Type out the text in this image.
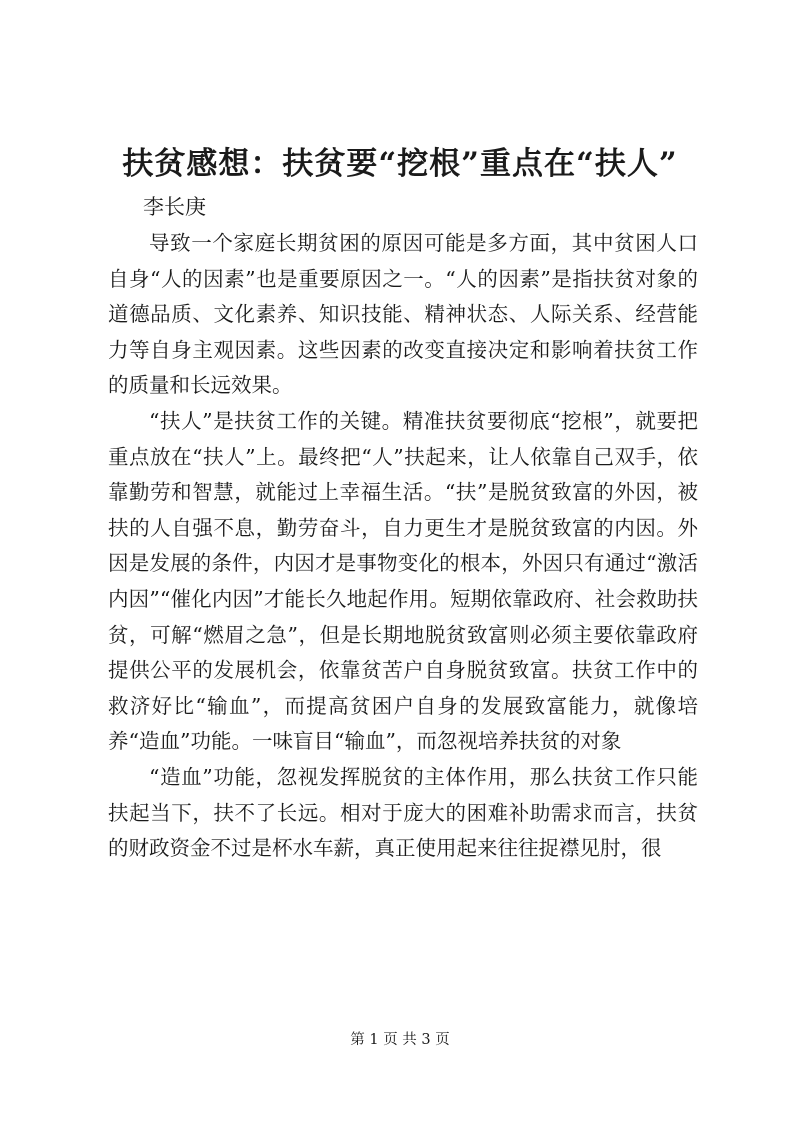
扶贫感想：扶贫要“挖根”重点在“扶人”

李长庚

导致一个家庭长期贫困的原因可能是多方面，其中贫困人口自身“人的因素”也是重要原因之一。“人的因素”是指扶贫对象的道德品质、文化素养、知识技能、精神状态、人际关系、经营能力等自身主观因素。这些因素的改变直接决定和影响着扶贫工作的质量和长远效果。

“扶人”是扶贫工作的关键。精准扶贫要彻底“挖根”，就要把重点放在“扶人”上。最终把“人”扶起来，让人依靠自己双手，依靠勤劳和智慧，就能过上幸福生活。“扶”是脱贫致富的外因，被扶的人自强不息，勤劳奋斗，自力更生才是脱贫致富的内因。外因是发展的条件，内因才是事物变化的根本，外因只有通过“激活内因”“催化内因”才能长久地起作用。短期依靠政府、社会救助扶贫，可解“燃眉之急”，但是长期地脱贫致富则必须主要依靠政府提供公平的发展机会，依靠贫苦户自身脱贫致富。扶贫工作中的救济好比“输血”，而提高贫困户自身的发展致富能力，就像培养“造血”功能。一味盲目“输血”，而忽视培养扶贫的对象

“造血”功能，忽视发挥脱贫的主体作用，那么扶贫工作只能扶起当下，扶不了长远。相对于庞大的困难补助需求而言，扶贫的财政资金不过是杯水车薪，真正使用起来往往捉襟见肘，很

第 1 页 共 3 页
